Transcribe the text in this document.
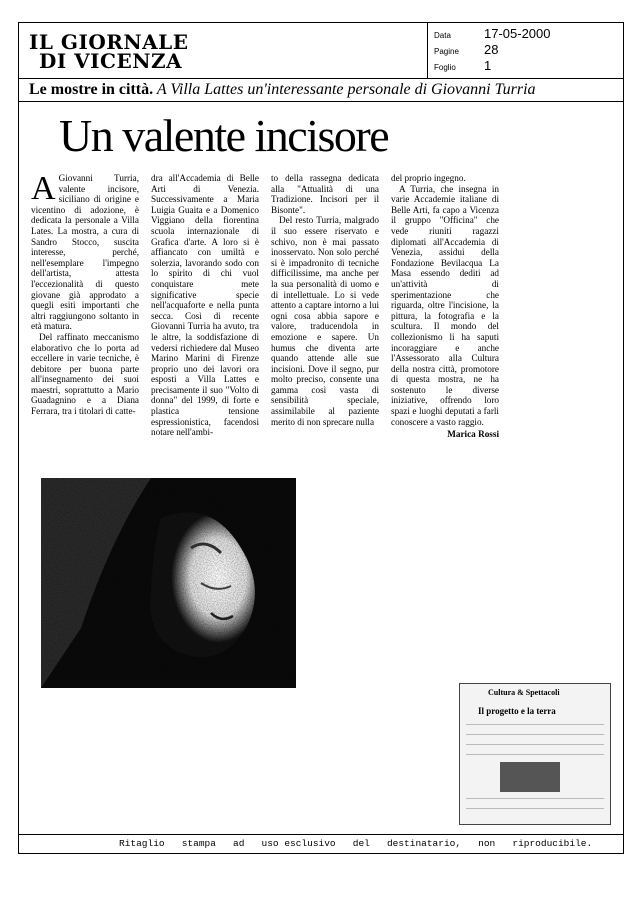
IL GIORNALE
DI VICENZA
Data	17-05-2000
Pagine 28
Foglio 1
Le mostre in città. A Villa Lattes un'interessante personale di Giovanni Turria
Un valente incisore

A Giovanni Turria, valente incisore, siciliano di origine e vicentino di adozione, è dedicata la personale a Villa Lates. La mostra, a cura di Sandro Stocco, suscita interesse, perché, nell'esemplare l'impegno dell'artista, attesta l'eccezionalità di questo giovane già approdato a quegli esiti importanti che altri raggiungono soltanto in età matura.

Del raffinato meccanismo elaborativo che lo porta ad eccellere in varie tecniche, è debitore per buona parte all'insegnamento dei suoi maestri, soprattutto a Mario Guadagnino e a Diana Ferrara, tra i titolari di catte-

dra all'Accademia di Belle Arti di Venezia. Successivamente a Maria Luigia Guaita e a Domenico Viggiano della fiorentina scuola internazionale di Grafica d'arte. A loro si è affiancato con umiltà e solerzia, lavorando sodo con lo spirito di chi vuol conquistare mete significative specie nell'acquaforte e nella punta secca. Così di recente Giovanni Turria ha avuto, tra le altre, la soddisfazione di vedersi richiedere dal Museo Marino Marini di Firenze proprio uno dei lavori ora esposti a Villa Lattes e precisamente il suo "Volto di donna" del 1999, di forte e plastica tensione espressionistica, facendosi notare nell'ambi-

to della rassegna dedicata alla "Attualità di una Tradizione. Incisori per il Bisonte".

Del resto Turria, malgrado il suo essere riservato e schivo, non è mai passato inosservato. Non solo perché si è impadronito di tecniche difficilissime, ma anche per la sua personalità di uomo e di intellettuale. Lo si vede attento a captare intorno a lui ogni cosa abbia sapore e valore, traducendola in emozione e sapere. Un humus che diventa arte quando attende alle sue incisioni. Dove il segno, pur molto preciso, consente una gamma così vasta di sensibilità speciale, assimilabile al paziente merito di non sprecare nulla

del proprio ingegno.

A Turria, che insegna in varie Accademie italiane di Belle Arti, fa capo a Vicenza il gruppo "Officina" che vede riuniti ragazzi diplomati all'Accademia di Venezia, assidui della Fondazione Bevilacqua La Masa essendo dediti ad un'attività di sperimentazione che riguarda, oltre l'incisione, la pittura, la fotografia e la scultura. Il mondo del collezionismo li ha saputi incoraggiare e anche l'Assessorato alla Cultura della nostra città, promotore di questa mostra, ne ha sostenuto le diverse iniziative, offrendo loro spazi e luoghi deputati a farli conoscere a vasto raggio.

Marica Rossi

Cultura & Spettacoli
Il progetto e la terra
Ritaglio   stampa   ad   uso esclusivo   del   destinatario,   non   riproducibile.
